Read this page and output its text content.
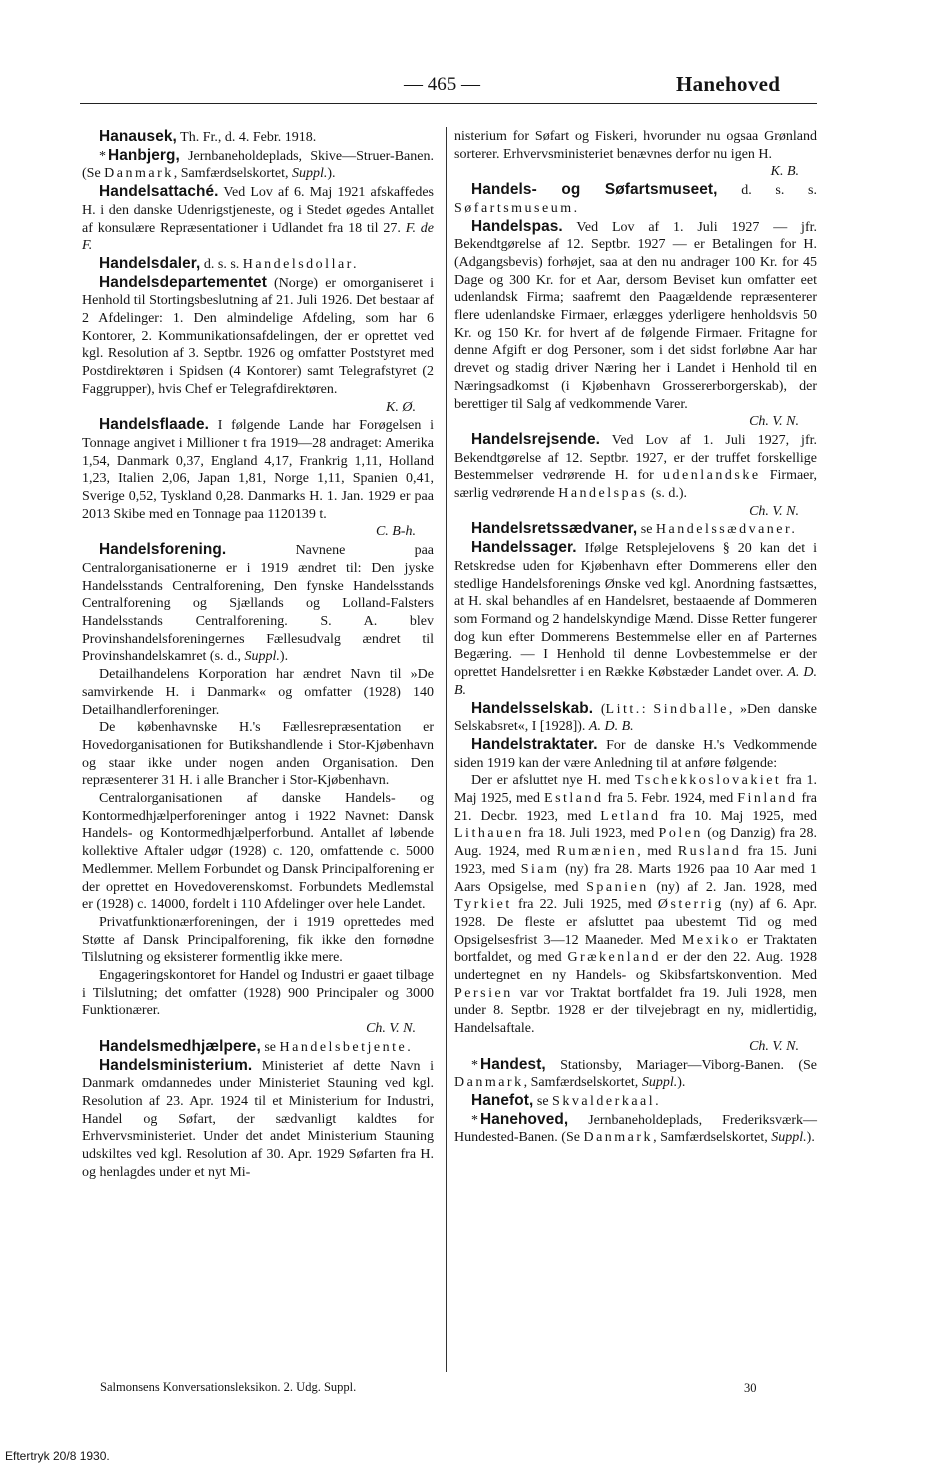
— 465 —	Hanehoved

Hanausek, Th. Fr., d. 4. Febr. 1918.

* Hanbjerg, Jernbaneholdeplads, Skive—Struer-Banen. (Se Danmark, Samfærdselskortet, Suppl.).

Handelsattaché. Ved Lov af 6. Maj 1921 afskaffedes H. i den danske Udenrigstjeneste, og i Stedet øgedes Antallet af konsulære Repræsentationer i Udlandet fra 18 til 27. F. de F.

Handelsdaler, d. s. s. Handelsdollar.

Handelsdepartementet (Norge) er omorganiseret i Henhold til Stortingsbeslutning af 21. Juli 1926. Det bestaar af 2 Afdelinger: 1. Den almindelige Afdeling, som har 6 Kontorer, 2. Kommunikationsafdelingen, der er oprettet ved kgl. Resolution af 3. Septbr. 1926 og omfatter Poststyret med Postdirektøren i Spidsen (4 Kontorer) samt Telegrafstyret (2 Faggrupper), hvis Chef er Telegrafdirektøren.
K. Ø.

Handelsflaade. I følgende Lande har Forøgelsen i Tonnage angivet i Millioner t fra 1919—28 andraget: Amerika 1,54, Danmark 0,37, England 4,17, Frankrig 1,11, Holland 1,23, Italien 2,06, Japan 1,81, Norge 1,11, Spanien 0,41, Sverige 0,52, Tyskland 0,28. Danmarks H. 1. Jan. 1929 er paa 2013 Skibe med en Tonnage paa 1120139 t.
C. B-h.

Handelsforening. Navnene paa Centralorganisationerne er i 1919 ændret til: Den jyske Handelsstands Centralforening, Den fynske Handelsstands Centralforening og Sjællands og Lolland-Falsters Handelsstands Centralforening. S. A. blev Provinshandelsforeningernes Fællesudvalg ændret til Provinshandelskamret (s. d., Suppl.).

Detailhandelens Korporation har ændret Navn til »De samvirkende H. i Danmark« og omfatter (1928) 140 Detailhandlerforeninger.

De københavnske H.'s Fællesrepræsentation er Hovedorganisationen for Butikshandlende i Stor-Kjøbenhavn og staar ikke under nogen anden Organisation. Den repræsenterer 31 H. i alle Brancher i Stor-Kjøbenhavn.

Centralorganisationen af danske Handels- og Kontormedhjælperforeninger antog i 1922 Navnet: Dansk Handels- og Kontormedhjælperforbund. Antallet af løbende kollektive Aftaler udgør (1928) c. 120, omfattende c. 5000 Medlemmer. Mellem Forbundet og Dansk Principalforening er der oprettet en Hovedoverenskomst. Forbundets Medlemstal er (1928) c. 14000, fordelt i 110 Afdelinger over hele Landet.

Privatfunktionærforeningen, der i 1919 oprettedes med Støtte af Dansk Principalforening, fik ikke den fornødne Tilslutning og eksisterer formentlig ikke mere.

Engageringskontoret for Handel og Industri er gaaet tilbage i Tilslutning; det omfatter (1928) 900 Principaler og 3000 Funktionærer.
Ch. V. N.

Handelsmedhjælpere, se Handelsbetjente.

Handelsministerium. Ministeriet af dette Navn i Danmark omdannedes under Ministeriet Stauning ved kgl. Resolution af 23. Apr. 1924 til et Ministerium for Industri, Handel og Søfart, der sædvanligt kaldtes for Erhvervsministeriet. Under det andet Ministerium Stauning udskiltes ved kgl. Resolution af 30. Apr. 1929 Søfarten fra H. og henlagdes under et nyt Mi-

nisterium for Søfart og Fiskeri, hvorunder nu ogsaa Grønland sorterer. Erhvervsministeriet benævnes derfor nu igen H.
K. B.

Handels- og Søfartsmuseet, d. s. s. Søfartsmuseum.

Handelspas. Ved Lov af 1. Juli 1927 — jfr. Bekendtgørelse af 12. Septbr. 1927 — er Betalingen for H. (Adgangsbevis) forhøjet, saa at den nu andrager 100 Kr. for 45 Dage og 300 Kr. for et Aar, dersom Beviset kun omfatter eet udenlandsk Firma; saafremt den Paagældende repræsenterer flere udenlandske Firmaer, erlægges yderligere henholdsvis 50 Kr. og 150 Kr. for hvert af de følgende Firmaer. Fritagne for denne Afgift er dog Personer, som i det sidst forløbne Aar har drevet og stadig driver Næring her i Landet i Henhold til en Næringsadkomst (i Kjøbenhavn Grossererborgerskab), der berettiger til Salg af vedkommende Varer.
Ch. V. N.

Handelsrejsende. Ved Lov af 1. Juli 1927, jfr. Bekendtgørelse af 12. Septbr. 1927, er der truffet forskellige Bestemmelser vedrørende H. for udenlandske Firmaer, særlig vedrørende Handelspas (s. d.).
Ch. V. N.

Handelsretssædvaner, se Handelssædvaner.

Handelssager. Ifølge Retsplejelovens § 20 kan det i Retskredse uden for Kjøbenhavn efter Dommerens eller den stedlige Handelsforenings Ønske ved kgl. Anordning fastsættes, at H. skal behandles af en Handelsret, bestaaende af Dommeren som Formand og 2 handelskyndige Mænd. Disse Retter fungerer dog kun efter Dommerens Bestemmelse eller en af Parternes Begæring. — I Henhold til denne Lovbestemmelse er der oprettet Handelsretter i en Række Købstæder Landet over. A. D. B.

Handelsselskab. (Litt.: Sindballe, »Den danske Selskabsret«, I [1928]). A. D. B.

Handelstraktater. For de danske H.'s Vedkommende siden 1919 kan der være Anledning til at anføre følgende:

Der er afsluttet nye H. med Tschekkoslovakiet fra 1. Maj 1925, med Estland fra 5. Febr. 1924, med Finland fra 21. Decbr. 1923, med Letland fra 10. Maj 1925, med Lithauen fra 18. Juli 1923, med Polen (og Danzig) fra 28. Aug. 1924, med Rumænien, med Rusland fra 15. Juni 1923, med Siam (ny) fra 28. Marts 1926 paa 10 Aar med 1 Aars Opsigelse, med Spanien (ny) af 2. Jan. 1928, med Tyrkiet fra 22. Juli 1925, med Østerrig (ny) af 6. Apr. 1928. De fleste er afsluttet paa ubestemt Tid og med Opsigelsesfrist 3—12 Maaneder. Med Mexiko er Traktaten bortfaldet, og med Grækenland er der den 22. Aug. 1928 undertegnet en ny Handels- og Skibsfartskonvention. Med Persien var vor Traktat bortfaldet fra 19. Juli 1928, men under 8. Septbr. 1928 er der tilvejebragt en ny, midlertidig, Handelsaftale.
Ch. V. N.

* Handest, Stationsby, Mariager—Viborg-Banen. (Se Danmark, Samfærdselskortet, Suppl.).

Hanefot, se Skvalderkaal.

* Hanehoved, Jernbaneholdeplads, Frederiksværk—Hundested-Banen. (Se Danmark, Samfærdselskortet, Suppl.).

Salmonsens Konversationsleksikon. 2. Udg. Suppl.	30
Eftertryk 20/8 1930.
